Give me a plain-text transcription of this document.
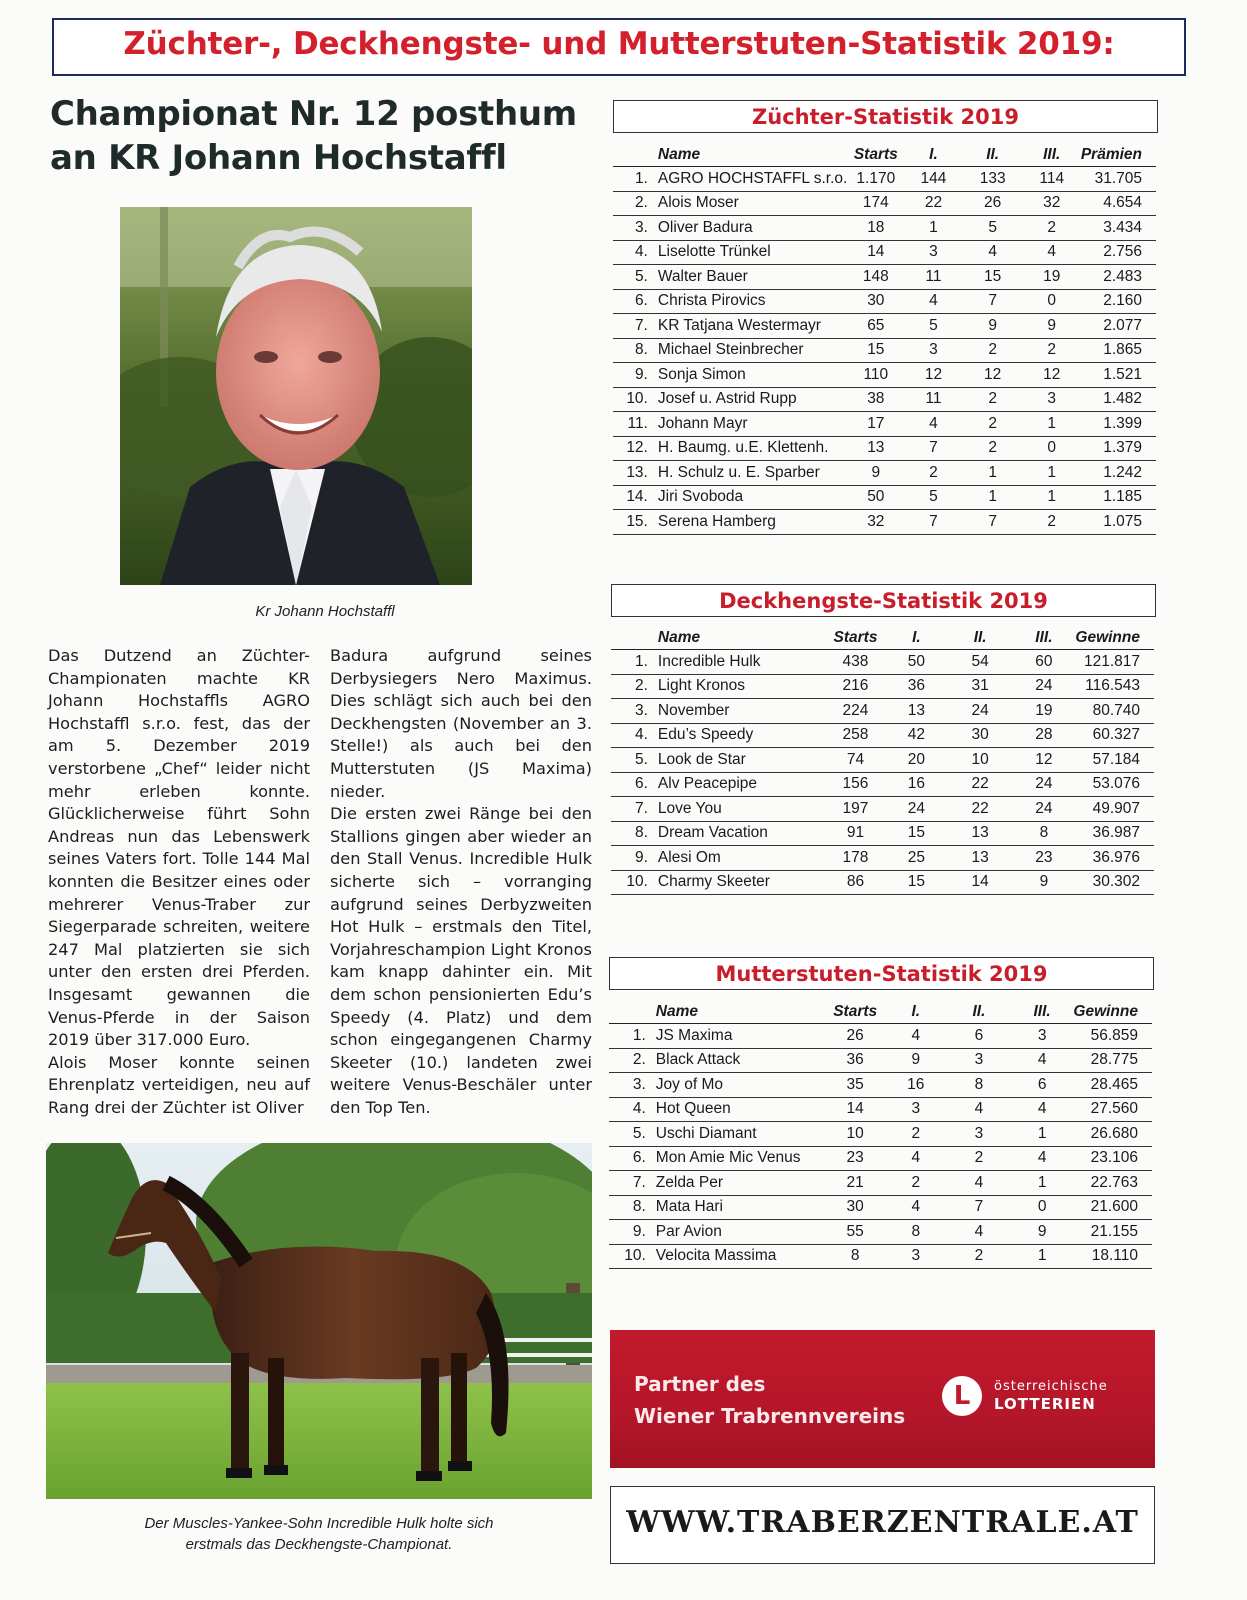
Züchter-, Deckhengste- und Mutterstuten-Statistik 2019:
Championat Nr. 12 posthum
an KR Johann Hochstaffl
Kr Johann Hochstaffl

Das Dutzend an Züchter-Championaten machte KR Johann Hochstaffls AGRO Hochstaffl s.r.o. fest, das der am 5. Dezember 2019 verstorbene „Chef“ leider nicht mehr erleben konnte. Glücklicherweise führt Sohn Andreas nun das Lebenswerk seines Vaters fort. Tolle 144 Mal konnten die Besitzer eines oder mehrerer Venus-Traber zur Siegerparade schreiten, weitere 247 Mal platzierten sie sich unter den ersten drei Pferden. Insgesamt gewannen die Venus-Pferde in der Saison 2019 über 317.000 Euro.

Alois Moser konnte seinen Ehrenplatz verteidigen, neu auf Rang drei der Züchter ist Oliver

Badura aufgrund seines Derbysiegers Nero Maximus. Dies schlägt sich auch bei den Deckhengsten (November an 3. Stelle!) als auch bei den Mutterstuten (JS Maxima) nieder.

Die ersten zwei Ränge bei den Stallions gingen aber wieder an den Stall Venus. Incredible Hulk sicherte sich – vorranging aufgrund seines Derbyzweiten Hot Hulk – erstmals den Titel, Vorjahreschampion Light Kronos kam knapp dahinter ein. Mit dem schon pensionierten Edu’s Speedy (4. Platz) und dem schon eingegangenen Charmy Skeeter (10.) landeten zwei weitere Venus-Beschäler unter den Top Ten.

Der Muscles-Yankee-Sohn Incredible Hulk holte sich
erstmals das Deckhengste-Championat.
Züchter-Statistik 2019
	Name	Starts	I.	II.	III.	Prämien
1.	AGRO HOCHSTAFFL s.r.o.	1.170	144	133	114	31.705
2.	Alois Moser	174	22	26	32	4.654
3.	Oliver Badura	18	1	5	2	3.434
4.	Liselotte Trünkel	14	3	4	4	2.756
5.	Walter Bauer	148	11	15	19	2.483
6.	Christa Pirovics	30	4	7	0	2.160
7.	KR Tatjana Westermayr	65	5	9	9	2.077
8.	Michael Steinbrecher	15	3	2	2	1.865
9.	Sonja Simon	110	12	12	12	1.521
10.	Josef u. Astrid Rupp	38	11	2	3	1.482
11.	Johann Mayr	17	4	2	1	1.399
12.	H. Baumg. u.E. Klettenh.	13	7	2	0	1.379
13.	H. Schulz u. E. Sparber	9	2	1	1	1.242
14.	Jiri Svoboda	50	5	1	1	1.185
15.	Serena Hamberg	32	7	7	2	1.075
Deckhengste-Statistik 2019
	Name	Starts	I.	II.	III.	Gewinne
1.	Incredible Hulk	438	50	54	60	121.817
2.	Light Kronos	216	36	31	24	116.543
3.	November	224	13	24	19	80.740
4.	Edu’s Speedy	258	42	30	28	60.327
5.	Look de Star	74	20	10	12	57.184
6.	Alv Peacepipe	156	16	22	24	53.076
7.	Love You	197	24	22	24	49.907
8.	Dream Vacation	91	15	13	8	36.987
9.	Alesi Om	178	25	13	23	36.976
10.	Charmy Skeeter	86	15	14	9	30.302
Mutterstuten-Statistik 2019
	Name	Starts	I.	II.	III.	Gewinne
1.	JS Maxima	26	4	6	3	56.859
2.	Black Attack	36	9	3	4	28.775
3.	Joy of Mo	35	16	8	6	28.465
4.	Hot Queen	14	3	4	4	27.560
5.	Uschi Diamant	10	2	3	1	26.680
6.	Mon Amie Mic Venus	23	4	2	4	23.106
7.	Zelda Per	21	2	4	1	22.763
8.	Mata Hari	30	4	7	0	21.600
9.	Par Avion	55	8	4	9	21.155
10.	Velocita Massima	8	3	2	1	18.110
Partner des
Wiener Trabrennvereins
L	österreichische
LOTTERIEN
WWW.TRABERZENTRALE.AT
